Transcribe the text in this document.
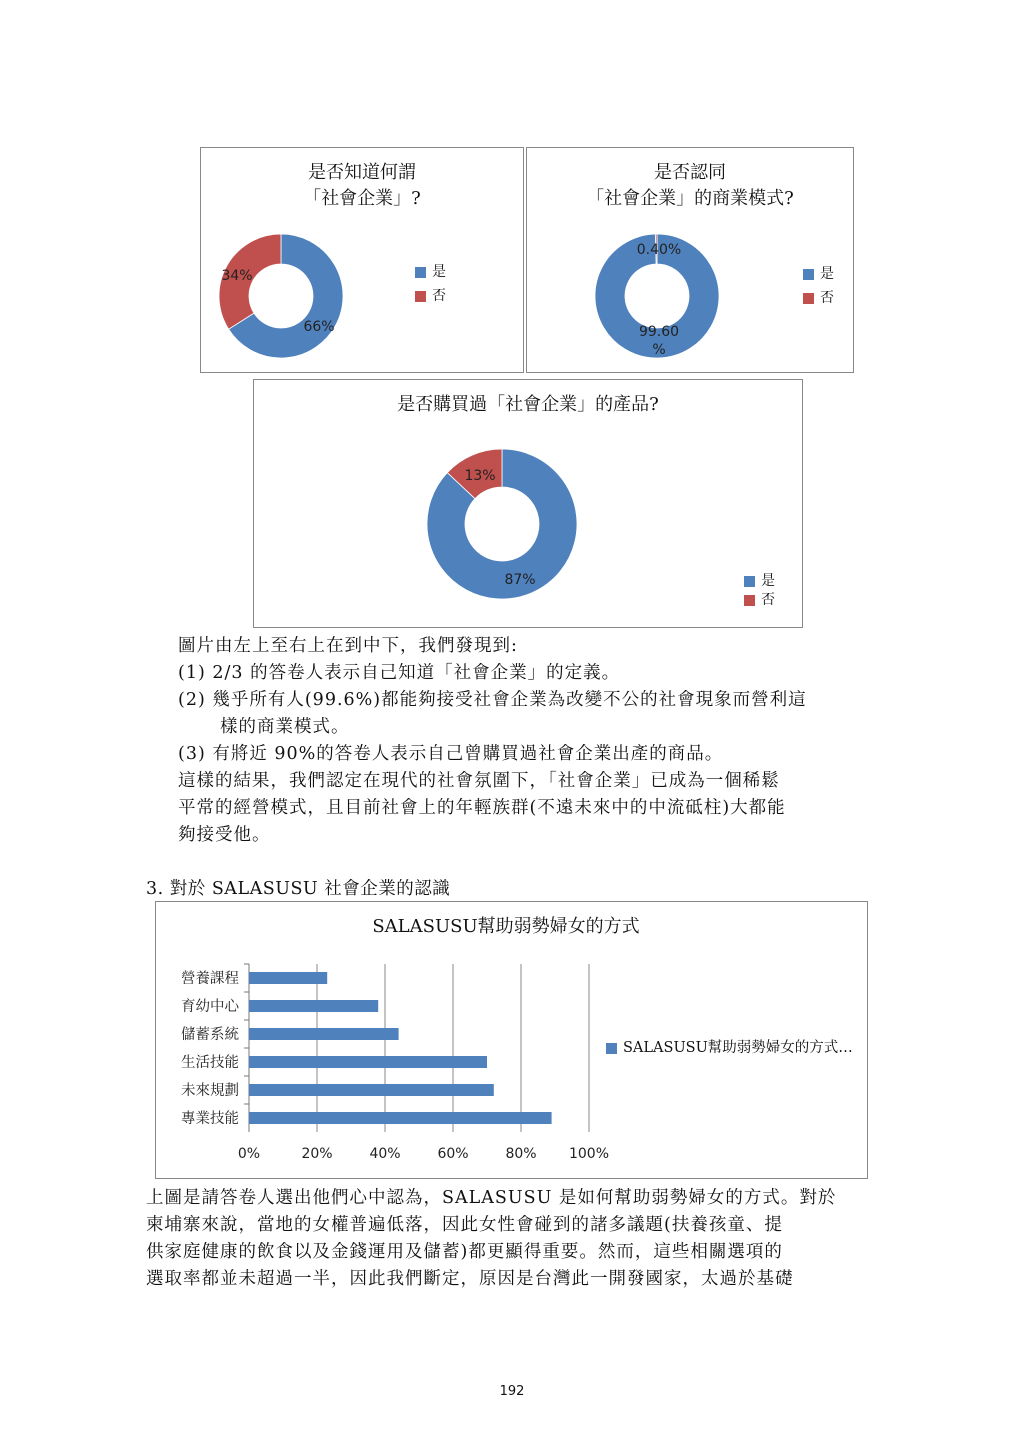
是否知道何謂
「社會企業」?
66%
34%	是
否
是否認同
「社會企業」的商業模式?
99.60
%
0.40%
是
否
是否購買過「社會企業」的產品?
87%
13%
是
否
圖片由左上至右上在到中下，我們發現到:
(1) 2/3 的答卷人表示自己知道「社會企業」的定義。
(2) 幾乎所有人(99.6%)都能夠接受社會企業為改變不公的社會現象而營利這
樣的商業模式。
(3) 有將近 90%的答卷人表示自己曾購買過社會企業出產的商品。
這樣的結果，我們認定在現代的社會氛圍下，「社會企業」已成為一個稀鬆
平常的經營模式，且目前社會上的年輕族群(不遠未來中的中流砥柱)大都能
夠接受他。
3. 對於 SALASUSU 社會企業的認識
SALASUSU幫助弱勢婦女的方式
0%	20%	40%	60%	80% 100%
營養課程
育幼中心
儲蓄系統
生活技能
未來規劃
專業技能
SALASUSU幫助弱勢婦女的方式…
上圖是請答卷人選出他們心中認為，SALASUSU 是如何幫助弱勢婦女的方式。對於
柬埔寨來說，當地的女權普遍低落，因此女性會碰到的諸多議題(扶養孩童、提
供家庭健康的飲食以及金錢運用及儲蓄)都更顯得重要。然而，這些相關選項的
選取率都並未超過一半，因此我們斷定，原因是台灣此一開發國家，太過於基礎
192
